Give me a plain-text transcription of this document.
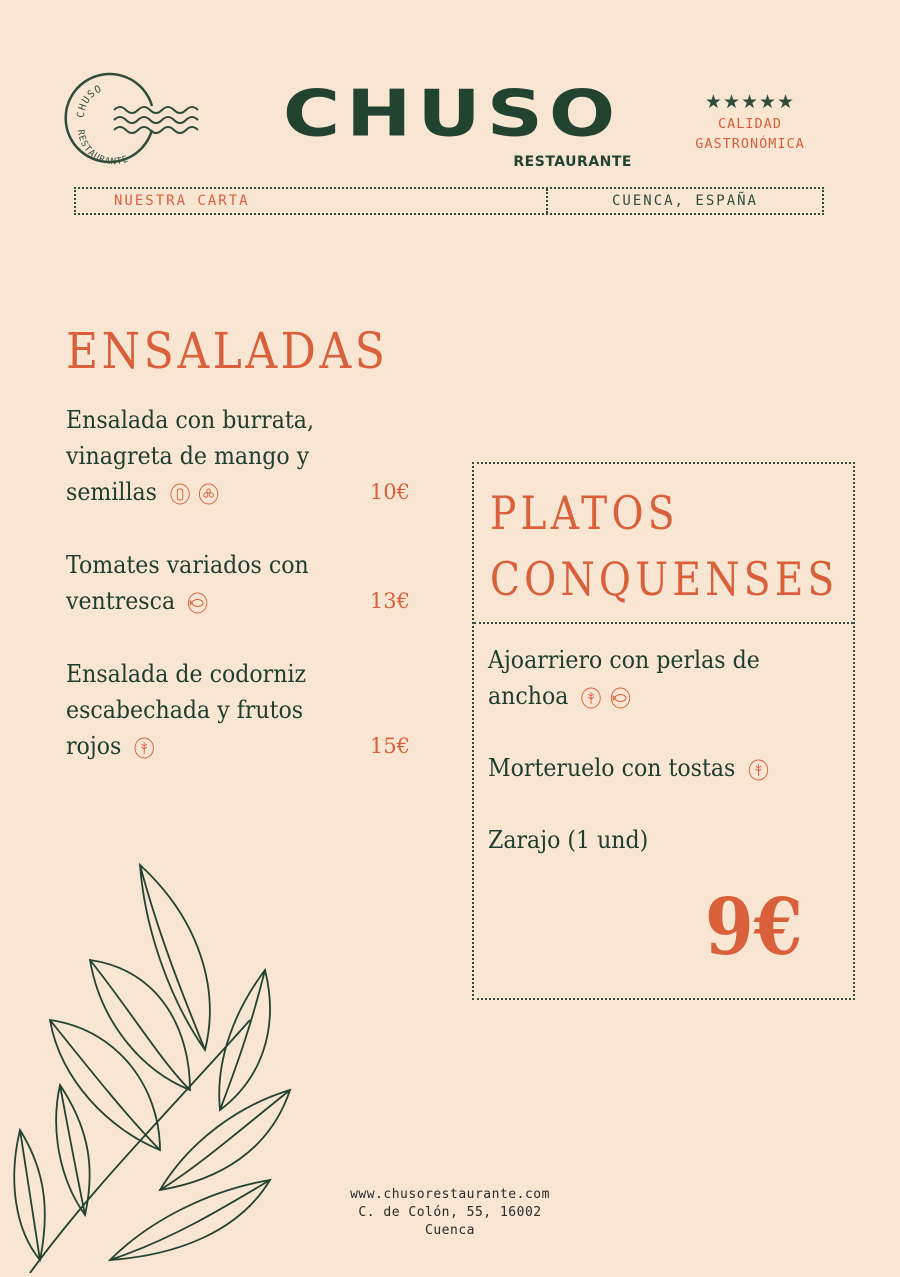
CHUSO
RESTAURANTE
CHUSO
RESTAURANTE
★★★★★
CALIDAD
GASTRONÓMICA
NUESTRA CARTA	CUENCA, ESPAÑA
ENSALADAS
Ensalada con burrata,
vinagreta de mango y
semillas	10€
Tomates variados con
ventresca	13€
Ensalada de codorniz
escabechada y frutos
rojos	15€
PLATOS
CONQUENSES
Ajoarriero con perlas de
anchoa
Morteruelo con tostas
Zarajo (1 und)
9€
www.chusorestaurante.com
C. de Colón, 55, 16002
Cuenca
